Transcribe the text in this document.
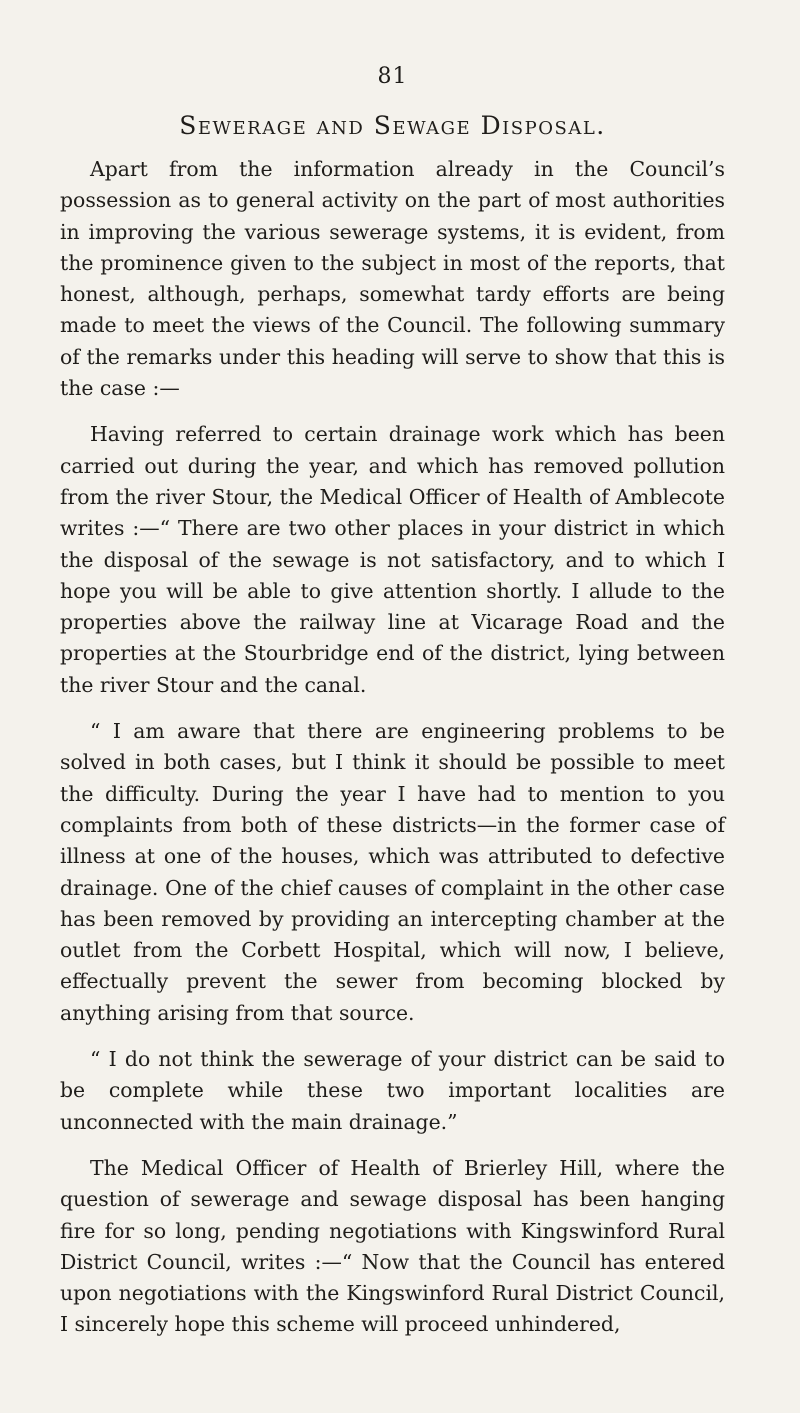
81
Sewerage and Sewage Disposal.

Apart from the information already in the Council’s possession as to general activity on the part of most authorities in improving the various sewerage systems, it is evident, from the prominence given to the subject in most of the reports, that honest, although, perhaps, somewhat tardy efforts are being made to meet the views of the Council. The following summary of the remarks under this heading will serve to show that this is the case :—

Having referred to certain drainage work which has been carried out during the year, and which has removed pollution from the river Stour, the Medical Officer of Health of Amblecote writes :—“ There are two other places in your district in which the disposal of the sewage is not satisfactory, and to which I hope you will be able to give attention shortly. I allude to the properties above the railway line at Vicarage Road and the properties at the Stourbridge end of the district, lying between the river Stour and the canal.

“ I am aware that there are engineering problems to be solved in both cases, but I think it should be possible to meet the difficulty. During the year I have had to mention to you complaints from both of these districts—in the former case of illness at one of the houses, which was attributed to defective drainage. One of the chief causes of complaint in the other case has been removed by providing an intercepting chamber at the outlet from the Corbett Hospital, which will now, I believe, effectually prevent the sewer from becoming blocked by anything arising from that source.

“ I do not think the sewerage of your district can be said to be complete while these two important localities are unconnected with the main drainage.”

The Medical Officer of Health of Brierley Hill, where the question of sewerage and sewage disposal has been hanging fire for so long, pending negotiations with Kingswinford Rural District Council, writes :—“ Now that the Council has entered upon negotiations with the Kingswinford Rural District Council, I sincerely hope this scheme will proceed unhindered,
